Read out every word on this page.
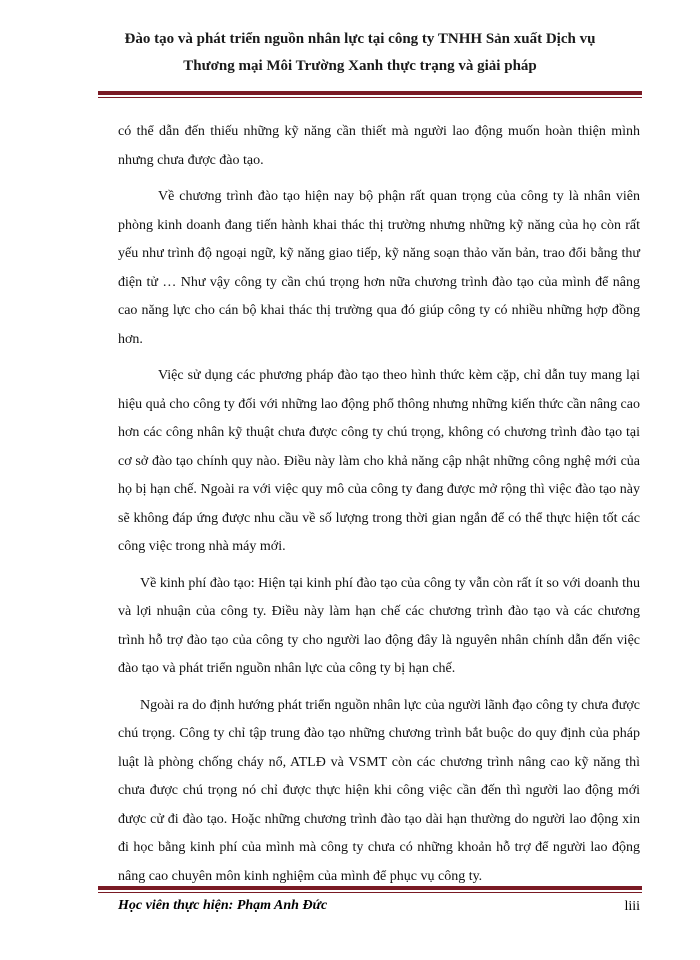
Đào tạo và phát triển nguồn nhân lực tại công ty TNHH Sản xuất Dịch vụ
Thương mại Môi Trường Xanh thực trạng và giải pháp

có thể dẫn đến thiếu những kỹ năng cần thiết mà người lao động muốn hoàn thiện mình nhưng chưa được đào tạo.

Về chương trình đào tạo hiện nay bộ phận rất quan trọng của công ty là nhân viên phòng kinh doanh đang tiến hành khai thác thị trường nhưng những kỹ năng của họ còn rất yếu như trình độ ngoại ngữ, kỹ năng giao tiếp, kỹ năng soạn thảo văn bản, trao đổi bằng thư điện tử … Như vậy công ty cần chú trọng hơn nữa chương trình đào tạo của mình để nâng cao năng lực cho cán bộ khai thác thị trường qua đó giúp công ty có nhiều những hợp đồng hơn.

Việc sử dụng các phương pháp đào tạo theo hình thức kèm cặp, chỉ dẫn tuy mang lại hiệu quả cho công ty đối với những lao động phổ thông nhưng những kiến thức cần nâng cao hơn các công nhân kỹ thuật chưa được công ty chú trọng, không có chương trình đào tạo tại cơ sở đào tạo chính quy nào. Điều này làm cho khả năng cập nhật những công nghệ mới của họ bị hạn chế. Ngoài ra với việc quy mô của công ty đang được mở rộng thì việc đào tạo này sẽ không đáp ứng được nhu cầu về số lượng trong thời gian ngắn để có thể thực hiện tốt các công việc trong nhà máy mới.

Về kinh phí đào tạo: Hiện tại kinh phí đào tạo của công ty vẫn còn rất ít so với doanh thu và lợi nhuận của công ty. Điều này làm hạn chế các chương trình đào tạo và các chương trình hỗ trợ đào tạo của công ty cho người lao động đây là nguyên nhân chính dẫn đến việc đào tạo và phát triển nguồn nhân lực của công ty bị hạn chế.

Ngoài ra do định hướng phát triển nguồn nhân lực của người lãnh đạo công ty chưa được chú trọng. Công ty chỉ tập trung đào tạo những chương trình bắt buộc do quy định của pháp luật là phòng chống cháy nổ, ATLĐ và VSMT còn các chương trình nâng cao kỹ năng thì chưa được chú trọng nó chỉ được thực hiện khi công việc cần đến thì người lao động mới được cử đi đào tạo. Hoặc những chương trình đào tạo dài hạn thường do người lao động xin đi học bằng kinh phí của mình mà công ty chưa có những khoản hỗ trợ để người lao động nâng cao chuyên môn kinh nghiệm của mình để phục vụ công ty.

Học viên thực hiện: Phạm Anh Đức	liii
